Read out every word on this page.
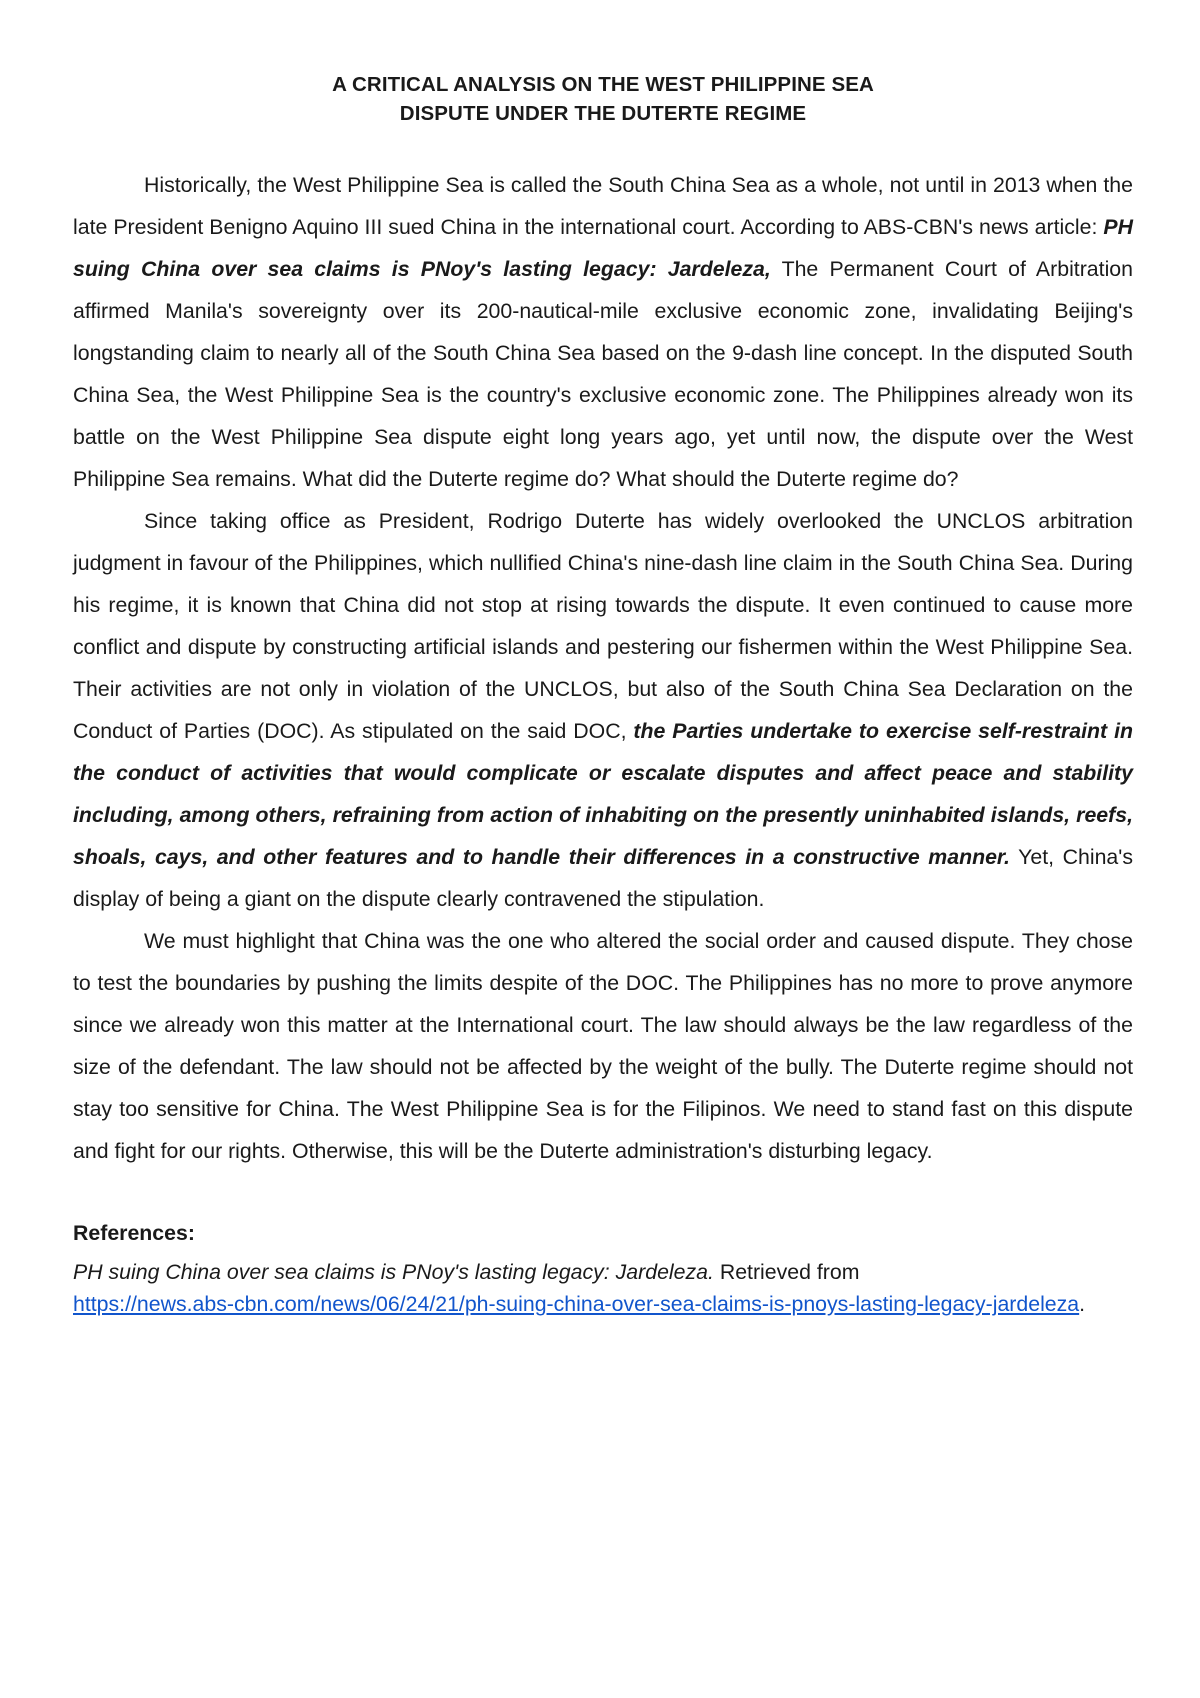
A CRITICAL ANALYSIS ON THE WEST PHILIPPINE SEA
DISPUTE UNDER THE DUTERTE REGIME

Historically, the West Philippine Sea is called the South China Sea as a whole, not until in 2013 when the late President Benigno Aquino III sued China in the international court. According to ABS-CBN's news article: PH suing China over sea claims is PNoy's lasting legacy: Jardeleza, The Permanent Court of Arbitration affirmed Manila's sovereignty over its 200-nautical-mile exclusive economic zone, invalidating Beijing's longstanding claim to nearly all of the South China Sea based on the 9-dash line concept. In the disputed South China Sea, the West Philippine Sea is the country's exclusive economic zone. The Philippines already won its battle on the West Philippine Sea dispute eight long years ago, yet until now, the dispute over the West Philippine Sea remains. What did the Duterte regime do? What should the Duterte regime do?

Since taking office as President, Rodrigo Duterte has widely overlooked the UNCLOS arbitration judgment in favour of the Philippines, which nullified China's nine-dash line claim in the South China Sea. During his regime, it is known that China did not stop at rising towards the dispute. It even continued to cause more conflict and dispute by constructing artificial islands and pestering our fishermen within the West Philippine Sea. Their activities are not only in violation of the UNCLOS, but also of the South China Sea Declaration on the Conduct of Parties (DOC). As stipulated on the said DOC, the Parties undertake to exercise self-restraint in the conduct of activities that would complicate or escalate disputes and affect peace and stability including, among others, refraining from action of inhabiting on the presently uninhabited islands, reefs, shoals, cays, and other features and to handle their differences in a constructive manner. Yet, China's display of being a giant on the dispute clearly contravened the stipulation.

We must highlight that China was the one who altered the social order and caused dispute. They chose to test the boundaries by pushing the limits despite of the DOC. The Philippines has no more to prove anymore since we already won this matter at the International court. The law should always be the law regardless of the size of the defendant. The law should not be affected by the weight of the bully. The Duterte regime should not stay too sensitive for China. The West Philippine Sea is for the Filipinos. We need to stand fast on this dispute and fight for our rights. Otherwise, this will be the Duterte administration's disturbing legacy.

References:

PH suing China over sea claims is PNoy's lasting legacy: Jardeleza. Retrieved from
https://news.abs-cbn.com/news/06/24/21/ph-suing-china-over-sea-claims-is-pnoys-lasting-legacy-jardeleza.
